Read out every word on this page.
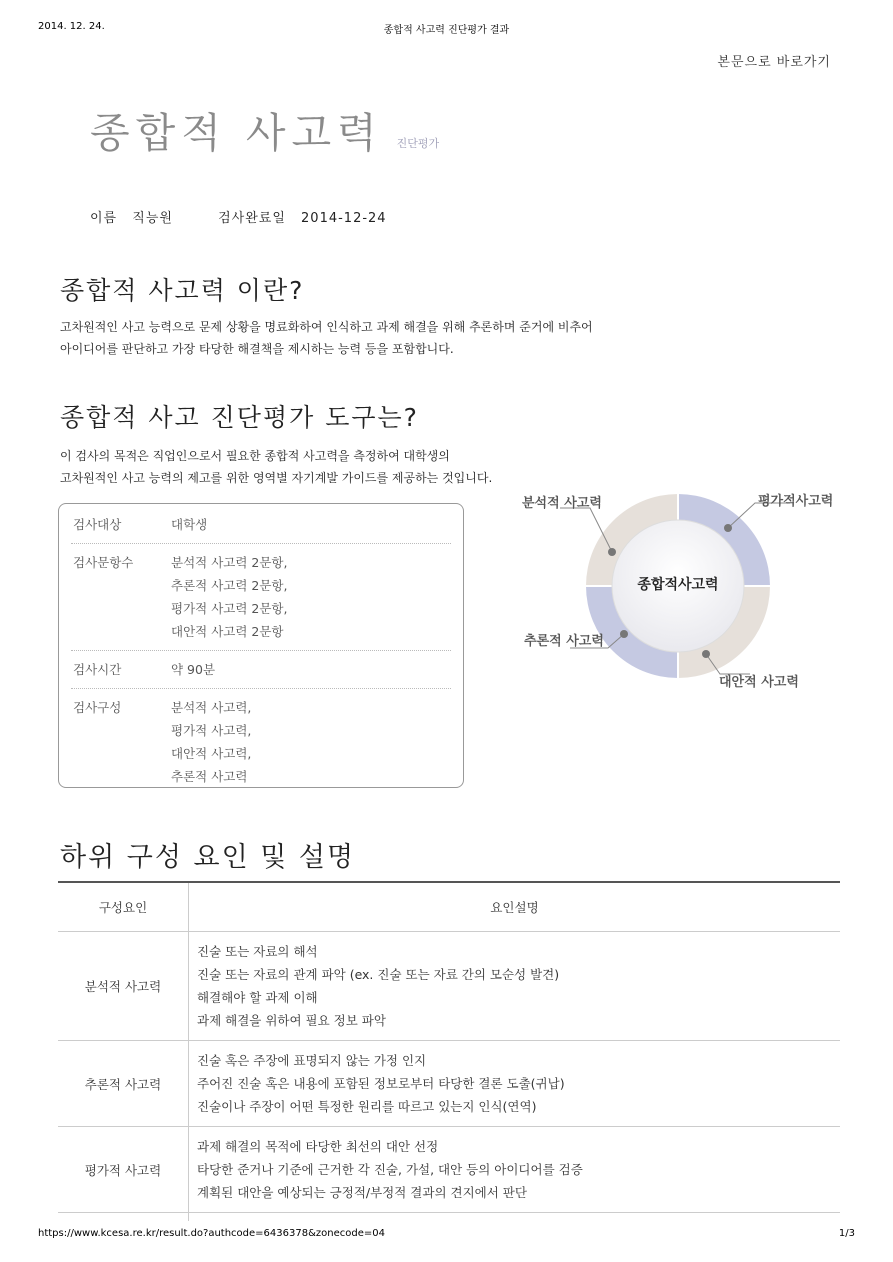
2014. 12. 24.	종합적 사고력 진단평가 결과
본문으로 바로가기
종합적 사고력 진단평가
이름 직능원	검사완료일 2014-12-24
종합적 사고력 이란?
고차원적인 사고 능력으로 문제 상황을 명료화하여 인식하고 과제 해결을 위해 추론하며 준거에 비추어
아이디어를 판단하고 가장 타당한 해결책을 제시하는 능력 등을 포함합니다.
종합적 사고 진단평가 도구는?
이 검사의 목적은 직업인으로서 필요한 종합적 사고력을 측정하여 대학생의
고차원적인 사고 능력의 제고를 위한 영역별 자기계발 가이드를 제공하는 것입니다.
검사대상	대학생
검사문항수	분석적 사고력 2문항,
추론적 사고력 2문항,
평가적 사고력 2문항,
대안적 사고력 2문항
검사시간	약 90분
검사구성	분석적 사고력,
평가적 사고력,
대안적 사고력,
추론적 사고력
종합적사고력
분석적 사고력	평가적사고력
추론적 사고력
대안적 사고력
하위 구성 요인 및 설명
구성요인	요인설명
분석적 사고력	진술 또는 자료의 해석
진술 또는 자료의 관계 파악 (ex. 진술 또는 자료 간의 모순성 발견)
해결해야 할 과제 이해
과제 해결을 위하여 필요 정보 파악

추론적 사고력	진술 혹은 주장에 표명되지 않는 가정 인지
주어진 진술 혹은 내용에 포함된 정보로부터 타당한 결론 도출(귀납)
진술이나 주장이 어떤 특정한 원리를 따르고 있는지 인식(연역)

평가적 사고력	과제 해결의 목적에 타당한 최선의 대안 선정
타당한 준거나 기준에 근거한 각 진술, 가설, 대안 등의 아이디어를 검증
계획된 대안을 예상되는 긍정적/부정적 결과의 견지에서 판단

https://www.kcesa.re.kr/result.do?authcode=6436378&zonecode=04	1/3
